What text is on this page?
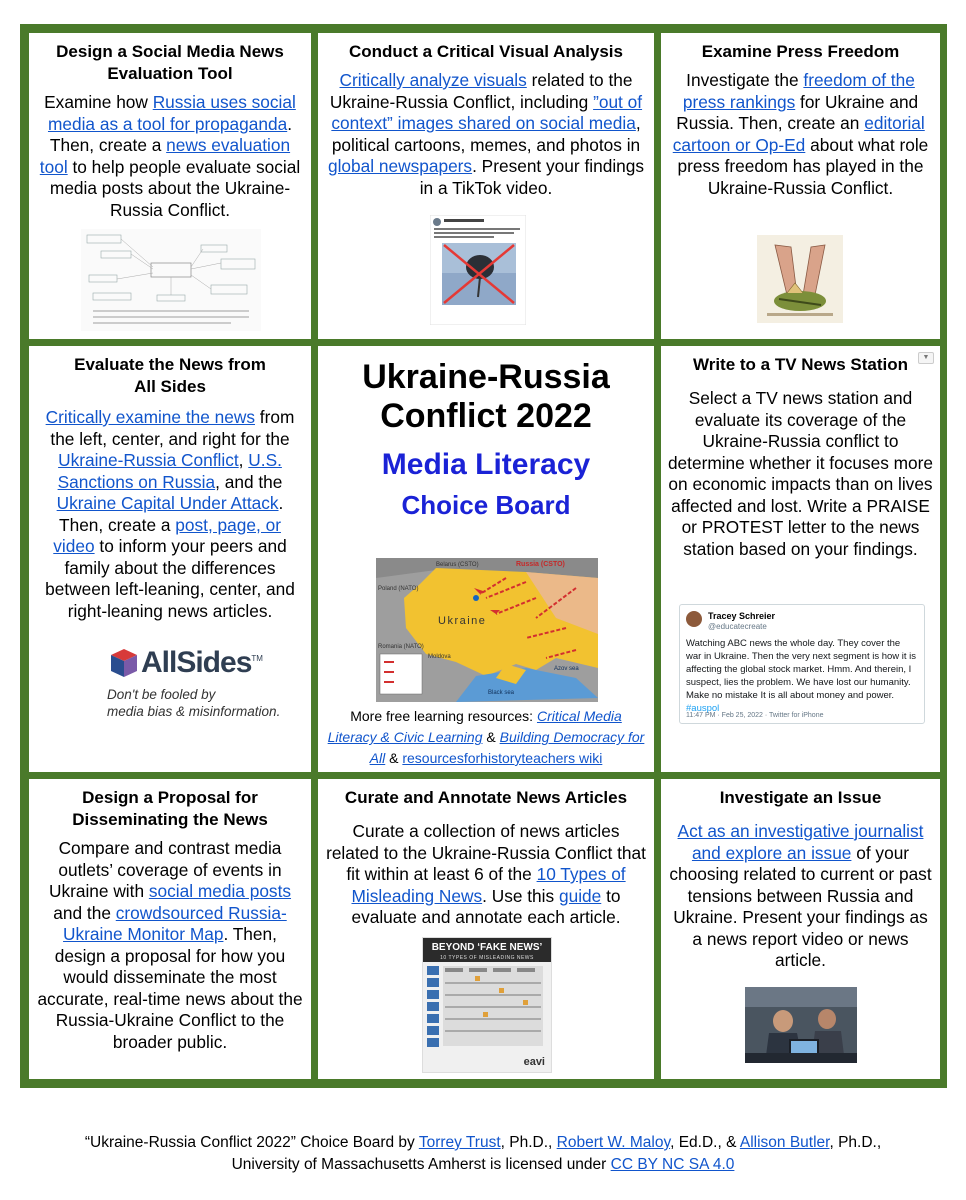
Design a Social Media News Evaluation Tool
Examine how Russia uses social media as a tool for propaganda. Then, create a news evaluation tool to help people evaluate social media posts about the Ukraine-Russia Conflict.
Conduct a Critical Visual Analysis
Critically analyze visuals related to the Ukraine-Russia Conflict, including ”out of context” images shared on social media, political cartoons, memes, and photos in global newspapers. Present your findings in a TikTok video.
Examine Press Freedom
Investigate the freedom of the press rankings for Ukraine and Russia. Then, create an editorial cartoon or Op-Ed about what role press freedom has played in the Ukraine-Russia Conflict.
Evaluate the News from
All Sides
Critically examine the news from the left, center, and right for the Ukraine-Russia Conflict, U.S. Sanctions on Russia, and the Ukraine Capital Under Attack. Then, create a post, page, or video to inform your peers and family about the differences between left-leaning, center, and right-leaning news articles.
AllSides™
Don't be fooled by
media bias & misinformation.
Ukraine-Russia Conflict 2022
Media Literacy
Choice Board
Belarus (CSTO)	Russia (CSTO)
Poland (NATO)
Ukraine
Romania (NATO)
Moldova
Black sea
Azov sea
More free learning resources: Critical Media Literacy & Civic Learning & Building Democracy for All & resourcesforhistoryteachers wiki
Write to a TV News Station	▼
Select a TV news station and evaluate its coverage of the Ukraine-Russia conflict to determine whether it focuses more on economic impacts than on lives affected and lost. Write a PRAISE or PROTEST letter to the news station based on your findings.
Tracey Schreier
@educatecreate
Watching ABC news the whole day. They cover the war in Ukraine. Then the very next segment is how it is affecting the global stock market. Hmm. And therein, I suspect, lies the problem. We have lost our humanity. Make no mistake It is all about money and power. #auspol
11:47 PM · Feb 25, 2022 · Twitter for iPhone
Design a Proposal for Disseminating the News
Compare and contrast media outlets’ coverage of events in Ukraine with social media posts and the crowdsourced Russia-Ukraine Monitor Map. Then, design a proposal for how you would disseminate the most accurate, real-time news about the Russia-Ukraine Conflict to the broader public.
Curate and Annotate News Articles
Curate a collection of news articles related to the Ukraine-Russia Conflict that fit within at least 6 of the 10 Types of Misleading News. Use this guide to evaluate and annotate each article.
BEYOND ‘FAKE NEWS’
10 TYPES OF MISLEADING NEWS
eavi
Investigate an Issue
Act as an investigative journalist and explore an issue of your choosing related to current or past tensions between Russia and Ukraine. Present your findings as a news report video or news article.
“Ukraine-Russia Conflict 2022” Choice Board by Torrey Trust, Ph.D., Robert W. Maloy, Ed.D., & Allison Butler, Ph.D., University of Massachusetts Amherst is licensed under CC BY NC SA 4.0
